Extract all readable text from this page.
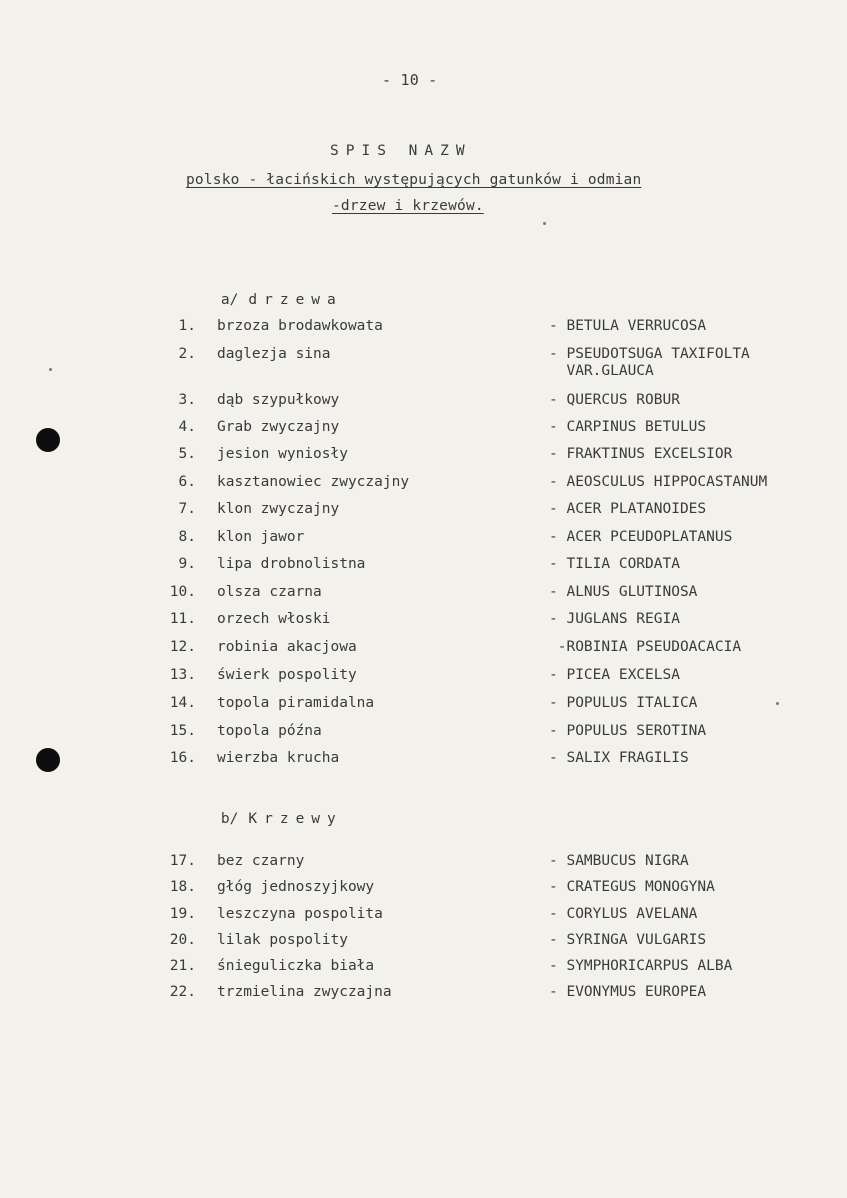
- 10 -
SPIS NAZW
polsko - łacińskich występujących gatunków i odmian
-drzew i krzewów.

a/ drzewa

1. brzoza brodawkowata	- BETULA VERRUCOSA
2. daglezja sina	- PSEUDOTSUGA TAXIFOLTA
VAR.GLAUCA
3. dąb szypułkowy	- QUERCUS ROBUR
4. Grab zwyczajny	- CARPINUS BETULUS
5. jesion wyniosły	- FRAKTINUS EXCELSIOR
6. kasztanowiec zwyczajny	- AEOSCULUS HIPPOCASTANUM
7. klon zwyczajny	- ACER PLATANOIDES
8. klon jawor	- ACER PCEUDOPLATANUS
9. lipa drobnolistna	- TILIA CORDATA
10. olsza czarna	- ALNUS GLUTINOSA
11. orzech włoski	- JUGLANS REGIA
12. robinia akacjowa	-ROBINIA PSEUDOACACIA
13. świerk pospolity	- PICEA EXCELSA
14. topola piramidalna	- POPULUS ITALICA
15. topola późna	- POPULUS SEROTINA
16. wierzba krucha	- SALIX FRAGILIS

b/ Krzewy

17. bez czarny	- SAMBUCUS NIGRA
18. głóg jednoszyjkowy	- CRATEGUS MONOGYNA
19. leszczyna pospolita	- CORYLUS AVELANA
20. lilak pospolity	- SYRINGA VULGARIS
21. śnieguliczka biała	- SYMPHORICARPUS ALBA
22. trzmielina zwyczajna	- EVONYMUS EUROPEA
